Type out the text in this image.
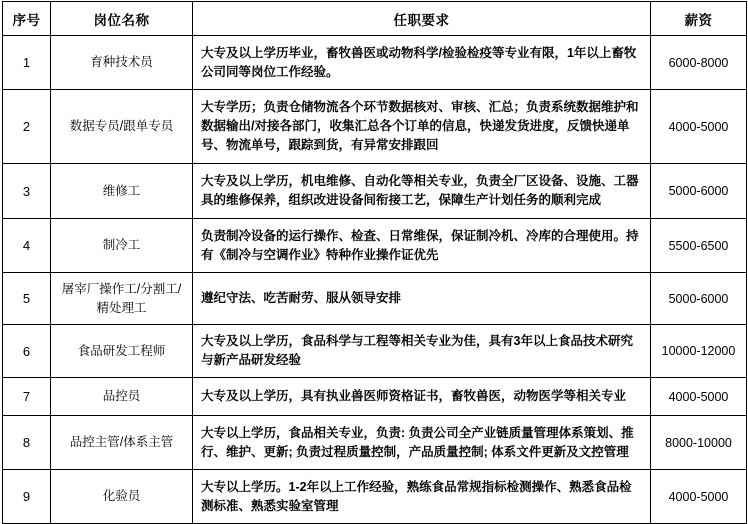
序号	岗位名称	任职要求	薪资
1	育种技术员	大专及以上学历毕业，畜牧兽医或动物科学/检验检疫等专业有限，1年以上畜牧公司同等岗位工作经验。	6000-8000
2	数据专员/跟单专员	大专学历；负责仓储物流各个环节数据核对、审核、汇总；负责系统数据维护和数据输出/对接各部门，收集汇总各个订单的信息，快递发货进度，反馈快递单号、物流单号，跟踪到货，有异常安排跟回	4000-5000
3	维修工	大专及以上学历，机电维修、自动化等相关专业，负责全厂区设备、设施、工器具的维修保养，组织改进设备间衔接工艺，保障生产计划任务的顺利完成	5000-6000
4	制冷工	负责制冷设备的运行操作、检查、日常维保，保证制冷机、冷库的合理使用。持有《制冷与空调作业》特种作业操作证优先	5500-6500
5	屠宰厂操作工/分割工/精处理工	遵纪守法、吃苦耐劳、服从领导安排	5000-6000
6	食品研发工程师	大专及以上学历，食品科学与工程等相关专业为佳，具有3年以上食品技术研究与新产品研发经验	10000-12000
7	品控员	大专及以上学历，具有执业兽医师资格证书，畜牧兽医，动物医学等相关专业	4000-5000
8	品控主管/体系主管	大专以上学历，食品相关专业，负责: 负责公司全产业链质量管理体系策划、推行、维护、更新; 负责过程质量控制，产品质量控制; 体系文件更新及文控管理	8000-10000
9	化验员	大专以上学历。1-2年以上工作经验，熟练食品常规指标检测操作、熟悉食品检测标准、熟悉实验室管理	4000-5000
